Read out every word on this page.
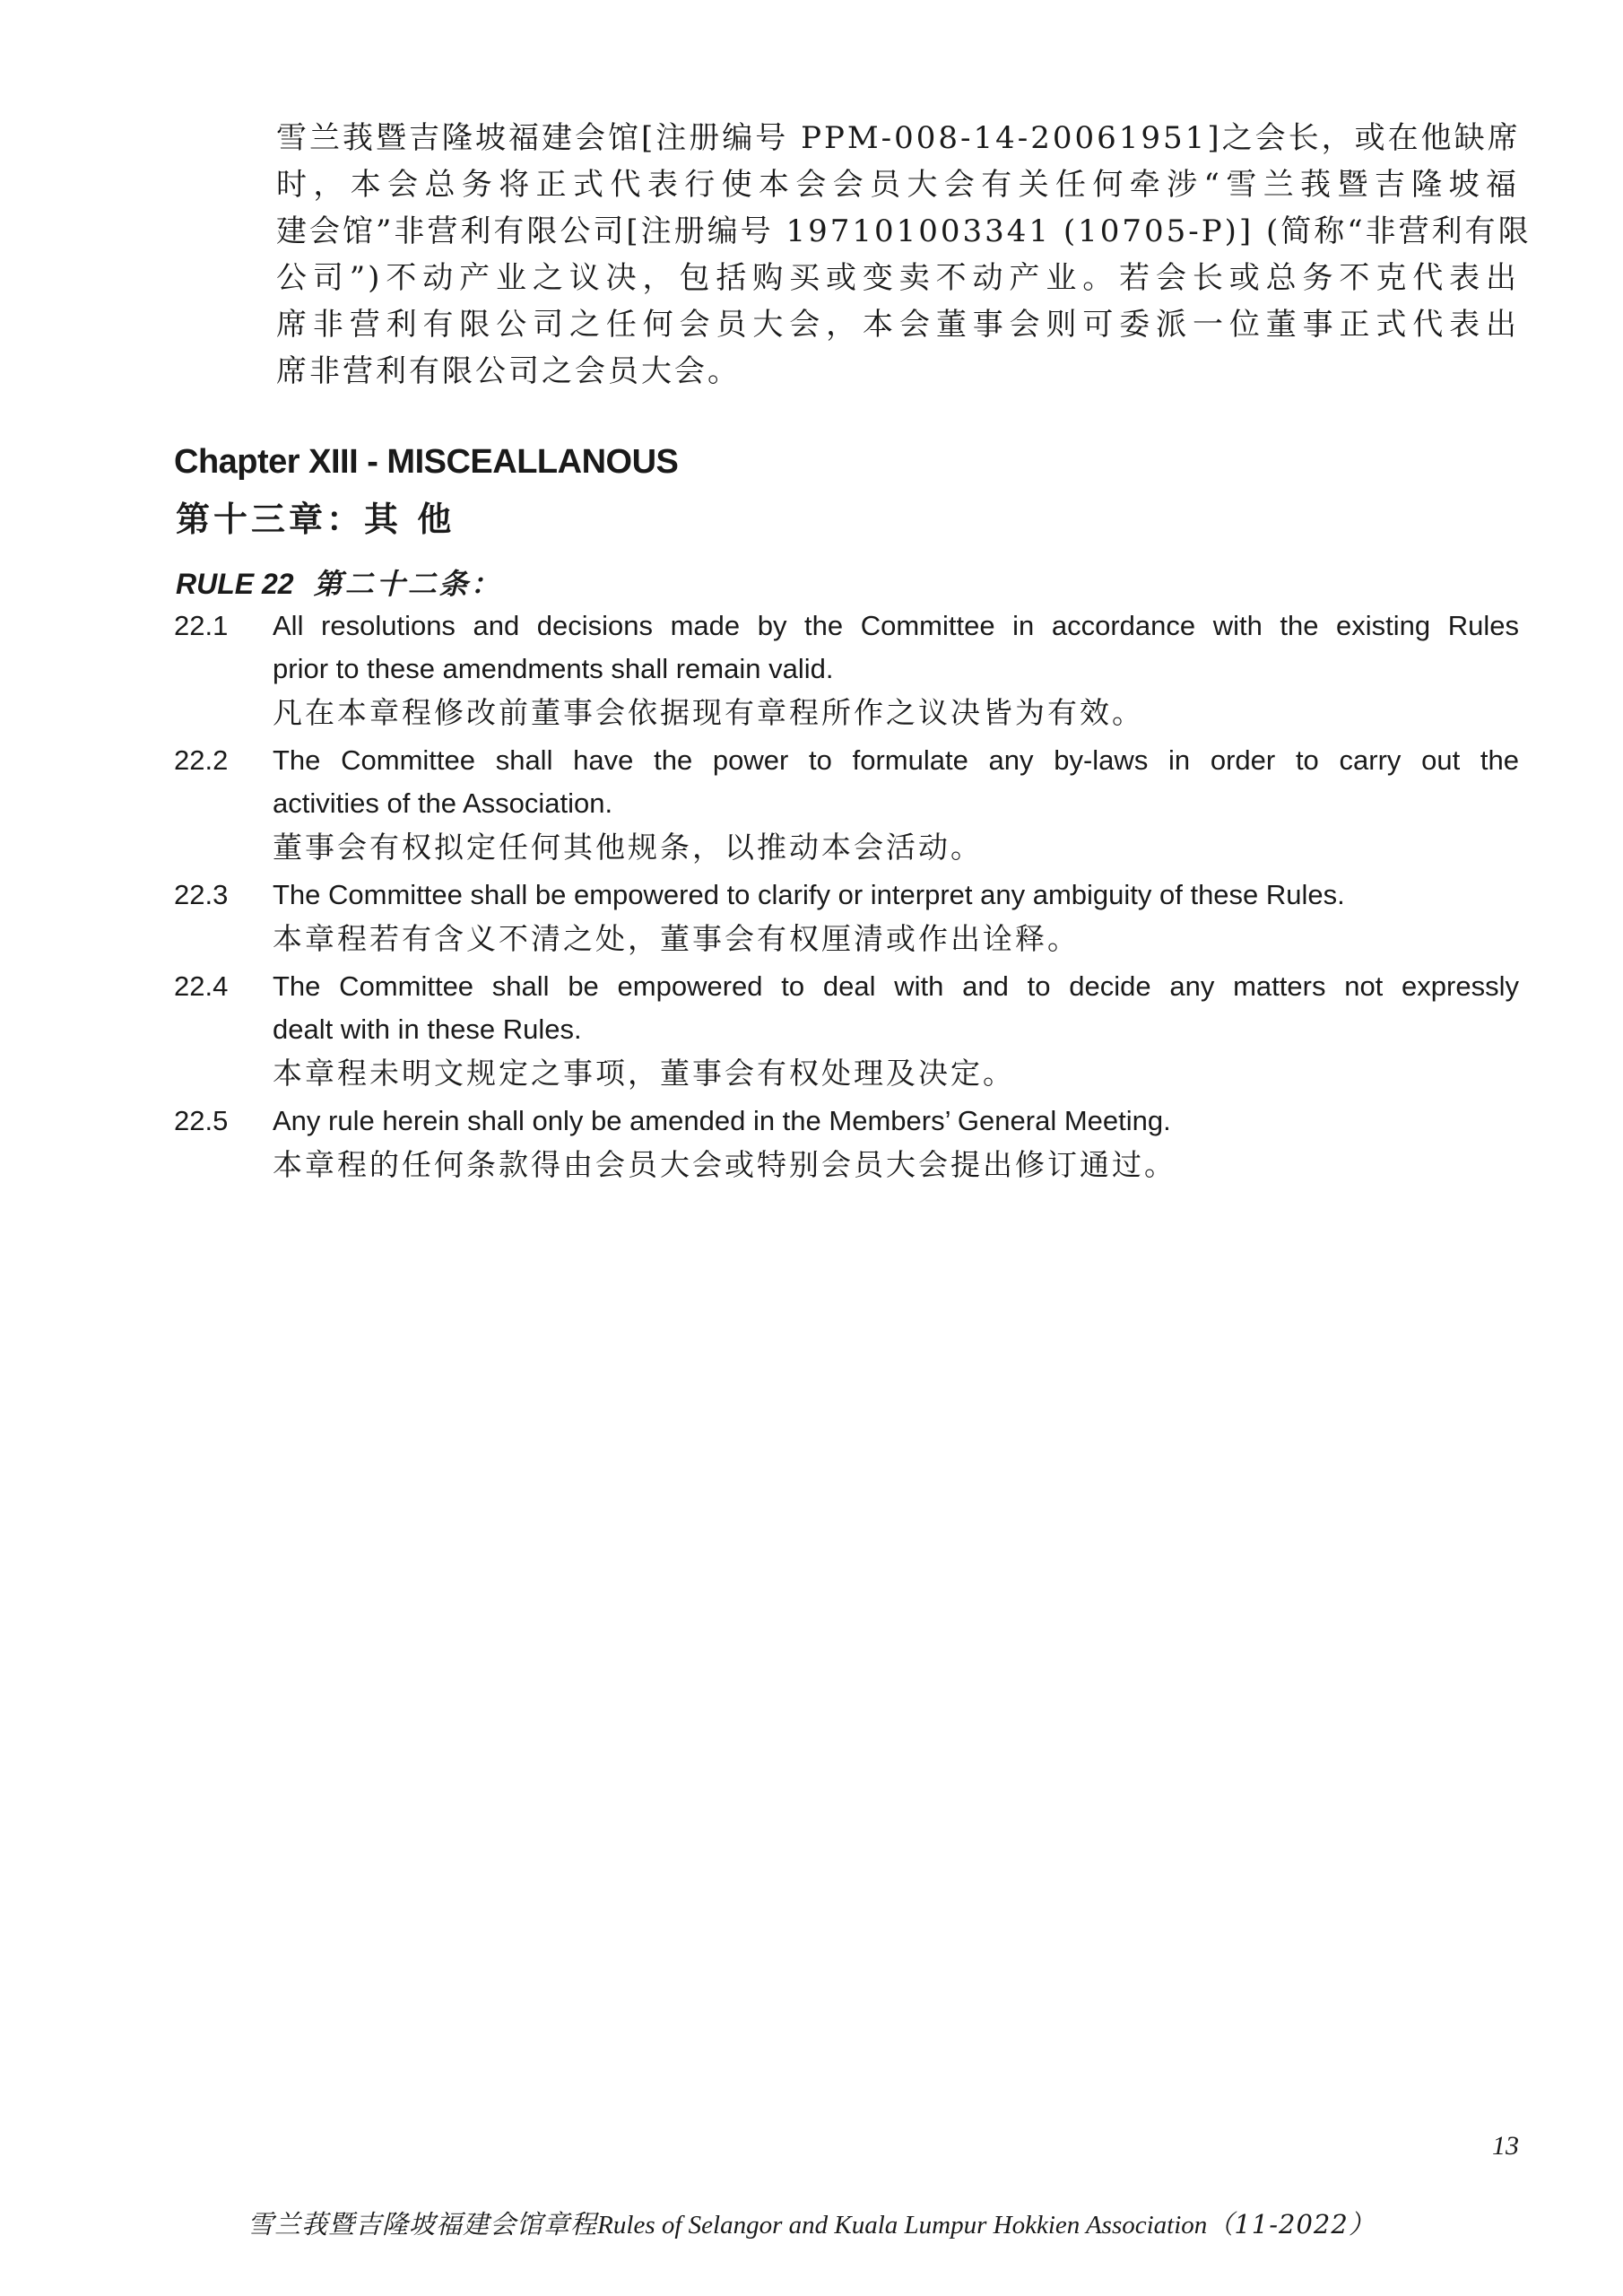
雪兰莪暨吉隆坡福建会馆[注册编号 PPM-008-14-20061951]之会长，或在他缺席
时，本会总务将正式代表行使本会会员大会有关任何牵涉“雪兰莪暨吉隆坡福
建会馆”非营利有限公司[注册编号 197101003341 (10705-P)] (简称“非营利有限
公司”)不动产业之议决，包括购买或变卖不动产业。若会长或总务不克代表出
席非营利有限公司之任何会员大会，本会董事会则可委派一位董事正式代表出
席非营利有限公司之会员大会。
Chapter XIII - MISCEALLANOUS
第十三章：其 他
RULE 22 第二十二条：
22.1 All resolutions and decisions made by the Committee in accordance with the existing Rules
prior to these amendments shall remain valid.
凡在本章程修改前董事会依据现有章程所作之议决皆为有效。
22.2 The Committee shall have the power to formulate any by-laws in order to carry out the
activities of the Association.
董事会有权拟定任何其他规条，以推动本会活动。
22.3 The Committee shall be empowered to clarify or interpret any ambiguity of these Rules.
本章程若有含义不清之处，董事会有权厘清或作出诠释。
22.4 The Committee shall be empowered to deal with and to decide any matters not expressly
dealt with in these Rules.
本章程未明文规定之事项，董事会有权处理及决定。
22.5 Any rule herein shall only be amended in the Members’ General Meeting.
本章程的任何条款得由会员大会或特别会员大会提出修订通过。
13
雪兰莪暨吉隆坡福建会馆章程Rules of Selangor and Kuala Lumpur Hokkien Association（11-2022）
